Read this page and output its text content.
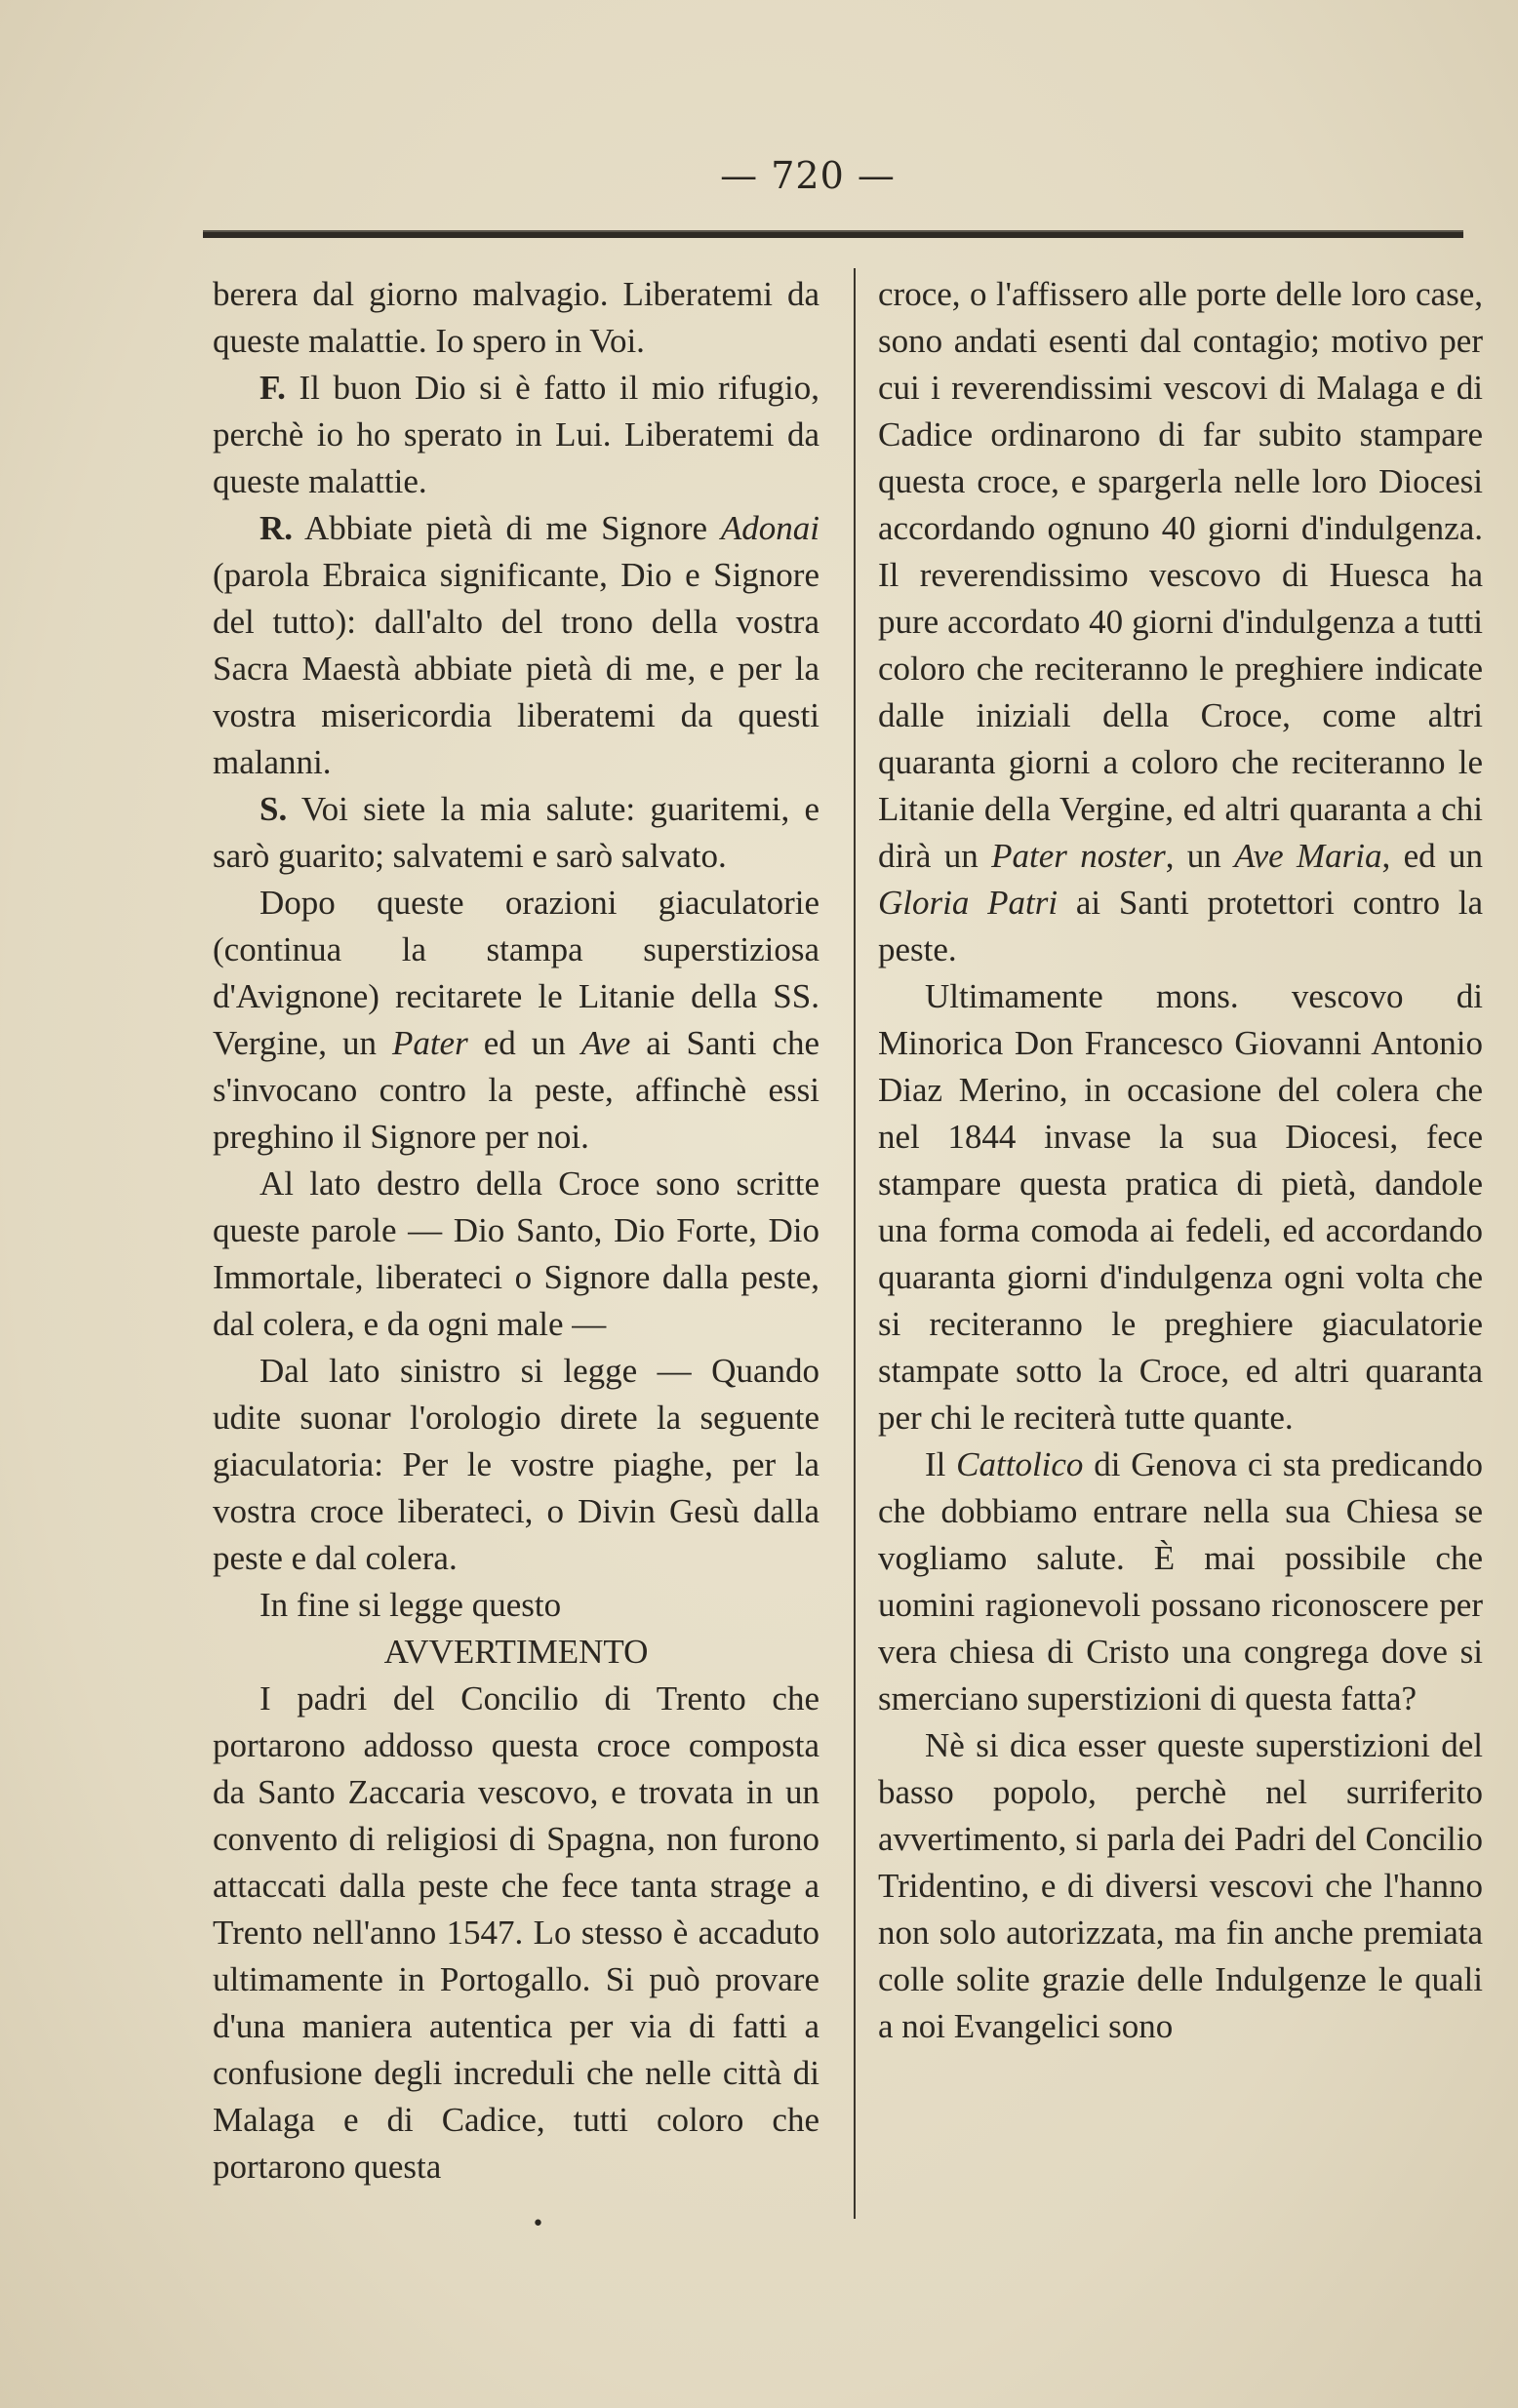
— 720 —

berera dal giorno malvagio. Liberatemi da queste malattie. Io spero in Voi.

F. Il buon Dio si è fatto il mio rifugio, perchè io ho sperato in Lui. Liberatemi da queste malattie.

R. Abbiate pietà di me Signore Adonai (parola Ebraica significante, Dio e Signore del tutto): dall'alto del trono della vostra Sacra Maestà abbiate pietà di me, e per la vostra misericordia liberatemi da questi malanni.

S. Voi siete la mia salute: guaritemi, e sarò guarito; salvatemi e sarò salvato.

Dopo queste orazioni giaculatorie (continua la stampa superstiziosa d'Avignone) recitarete le Litanie della SS. Vergine, un Pater ed un Ave ai Santi che s'invocano contro la peste, affinchè essi preghino il Signore per noi.

Al lato destro della Croce sono scritte queste parole — Dio Santo, Dio Forte, Dio Immortale, liberateci o Signore dalla peste, dal colera, e da ogni male —

Dal lato sinistro si legge — Quando udite suonar l'orologio direte la seguente giaculatoria: Per le vostre piaghe, per la vostra croce liberateci, o Divin Gesù dalla peste e dal colera.

In fine si legge questo

AVVERTIMENTO

I padri del Concilio di Trento che portarono addosso questa croce composta da Santo Zaccaria vescovo, e trovata in un convento di religiosi di Spagna, non furono attaccati dalla peste che fece tanta strage a Trento nell'anno 1547. Lo stesso è accaduto ultimamente in Portogallo. Si può provare d'una maniera autentica per via di fatti a confusione degli increduli che nelle città di Malaga e di Cadice, tutti coloro che portarono questa

croce, o l'affissero alle porte delle loro case, sono andati esenti dal contagio; motivo per cui i reverendissimi vescovi di Malaga e di Cadice ordinarono di far subito stampare questa croce, e spargerla nelle loro Diocesi accordando ognuno 40 giorni d'indulgenza. Il reverendissimo vescovo di Huesca ha pure accordato 40 giorni d'indulgenza a tutti coloro che reciteranno le preghiere indicate dalle iniziali della Croce, come altri quaranta giorni a coloro che reciteranno le Litanie della Vergine, ed altri quaranta a chi dirà un Pater noster, un Ave Maria, ed un Gloria Patri ai Santi protettori contro la peste.

Ultimamente mons. vescovo di Minorica Don Francesco Giovanni Antonio Diaz Merino, in occasione del colera che nel 1844 invase la sua Diocesi, fece stampare questa pratica di pietà, dandole una forma comoda ai fedeli, ed accordando quaranta giorni d'indulgenza ogni volta che si reciteranno le preghiere giaculatorie stampate sotto la Croce, ed altri quaranta per chi le reciterà tutte quante.

Il Cattolico di Genova ci sta predicando che dobbiamo entrare nella sua Chiesa se vogliamo salute. È mai possibile che uomini ragionevoli possano riconoscere per vera chiesa di Cristo una congrega dove si smerciano superstizioni di questa fatta?

Nè si dica esser queste superstizioni del basso popolo, perchè nel surriferito avvertimento, si parla dei Padri del Concilio Tridentino, e di diversi vescovi che l'hanno non solo autorizzata, ma fin anche premiata colle solite grazie delle Indulgenze le quali a noi Evangelici sono

•
